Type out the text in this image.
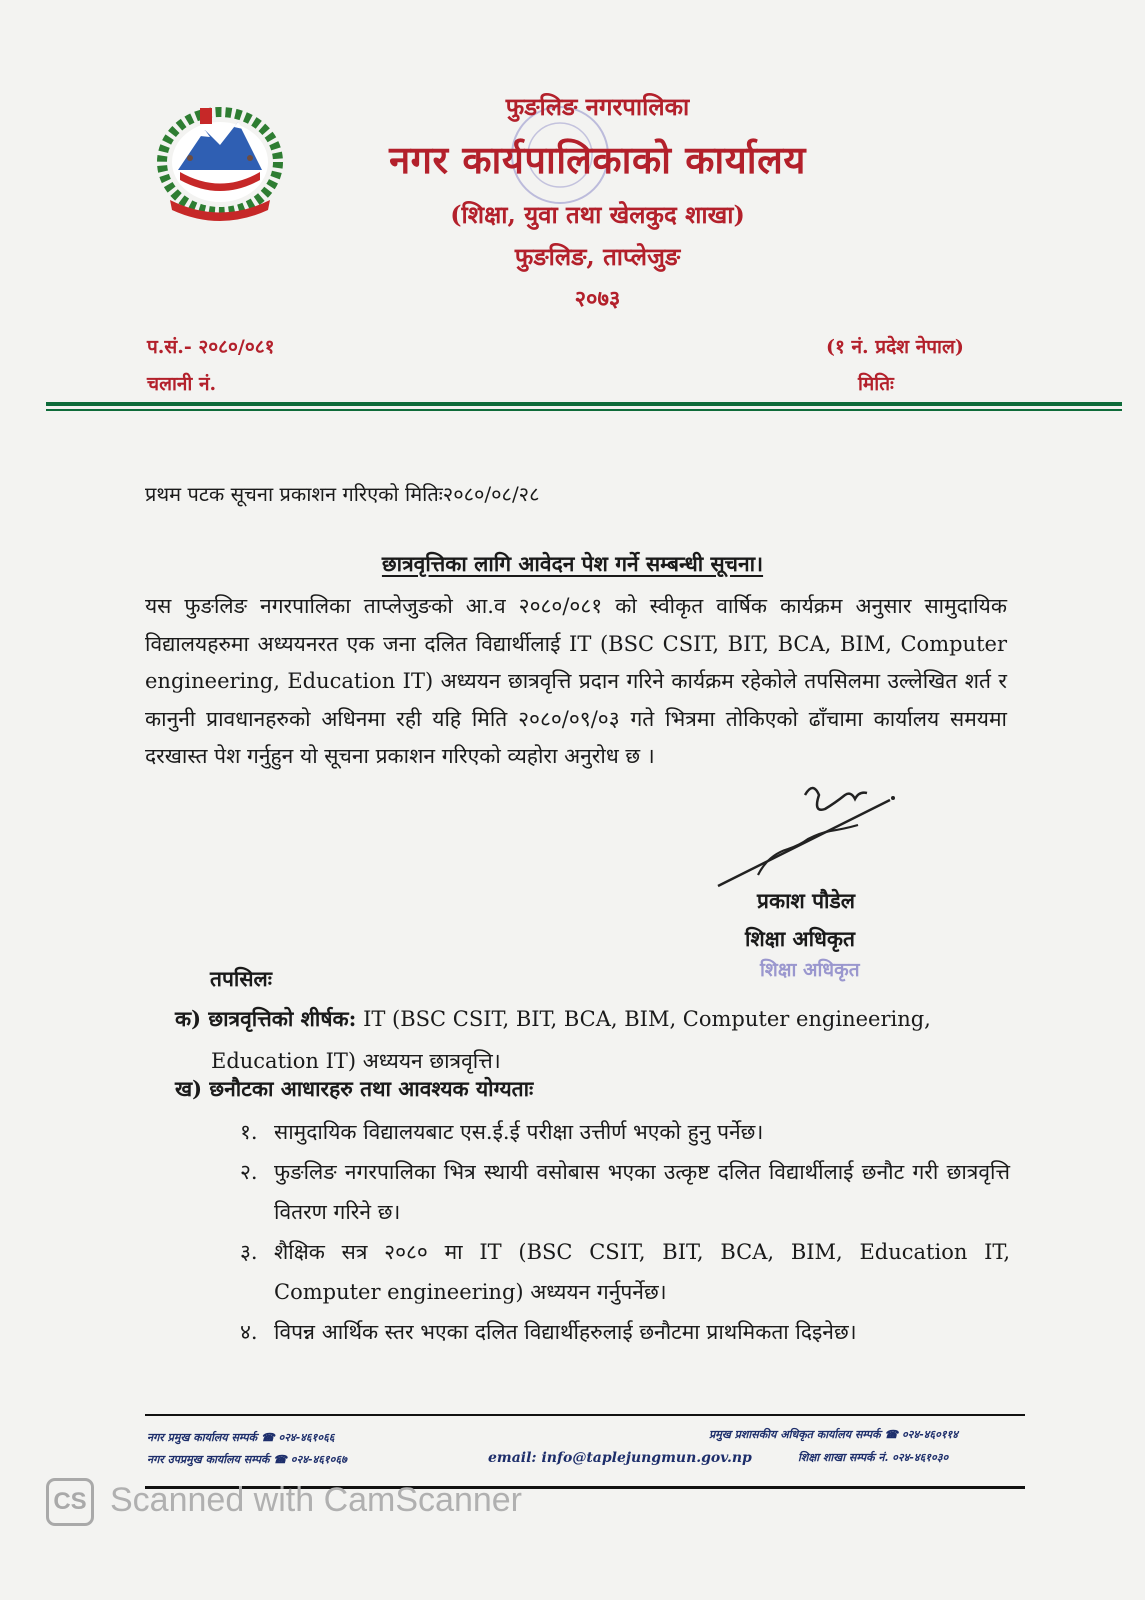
फुङलिङ नगरपालिका
नगर कार्यपालिकाको कार्यालय
(शिक्षा, युवा तथा खेलकुद शाखा)
फुङलिङ, ताप्लेजुङ
२०७३
प.सं.- २०८०/०८१
चलानी नं.
(१ नं. प्रदेश नेपाल)
मितिः
प्रथम पटक सूचना प्रकाशन गरिएको मितिः२०८०/०८/२८
छात्रवृत्तिका लागि आवेदन पेश गर्ने सम्बन्धी सूचना।
यस फुङलिङ नगरपालिका ताप्लेजुङको आ.व २०८०/०८१ को स्वीकृत वार्षिक कार्यक्रम अनुसार सामुदायिक विद्यालयहरुमा अध्ययनरत एक जना दलित विद्यार्थीलाई IT (BSC CSIT, BIT, BCA, BIM, Computer engineering, Education IT) अध्ययन छात्रवृत्ति प्रदान गरिने कार्यक्रम रहेकोले तपसिलमा उल्लेखित शर्त र कानुनी प्रावधानहरुको अधिनमा रही यहि मिति २०८०/०९/०३ गते भित्रमा तोकिएको ढाँचामा कार्यालय समयमा दरखास्त पेश गर्नुहुन यो सूचना प्रकाशन गरिएको व्यहोरा अनुरोध छ ।
प्रकाश पौडेल
शिक्षा अधिकृत
शिक्षा अधिकृत
तपसिलः
क) छात्रवृत्तिको शीर्षक: IT (BSC CSIT, BIT, BCA, BIM, Computer engineering,
Education IT) अध्ययन छात्रवृत्ति।
ख) छनौटका आधारहरु तथा आवश्यक योग्यताः
१. सामुदायिक विद्यालयबाट एस.ई.ई परीक्षा उत्तीर्ण भएको हुनु पर्नेछ।
२. फुङलिङ नगरपालिका भित्र स्थायी वसोबास भएका उत्कृष्ट दलित विद्यार्थीलाई छनौट गरी छात्रवृत्ति वितरण गरिने छ।
३. शैक्षिक सत्र २०८० मा IT (BSC CSIT, BIT, BCA, BIM, Education IT, Computer engineering) अध्ययन गर्नुपर्नेछ।
४. विपन्न आर्थिक स्तर भएका दलित विद्यार्थीहरुलाई छनौटमा प्राथमिकता दिइनेछ।
नगर प्रमुख कार्यालय सम्पर्क ☎ ०२४-४६१०६६
नगर उपप्रमुख कार्यालय सम्पर्क ☎ ०२४-४६१०६७
प्रमुख प्रशासकीय अधिकृत कार्यालय सम्पर्क ☎ ०२४-४६०११४
शिक्षा शाखा सम्पर्क नं. ०२४-४६१०३०
email: info@taplejungmun.gov.np
CS Scanned with CamScanner
